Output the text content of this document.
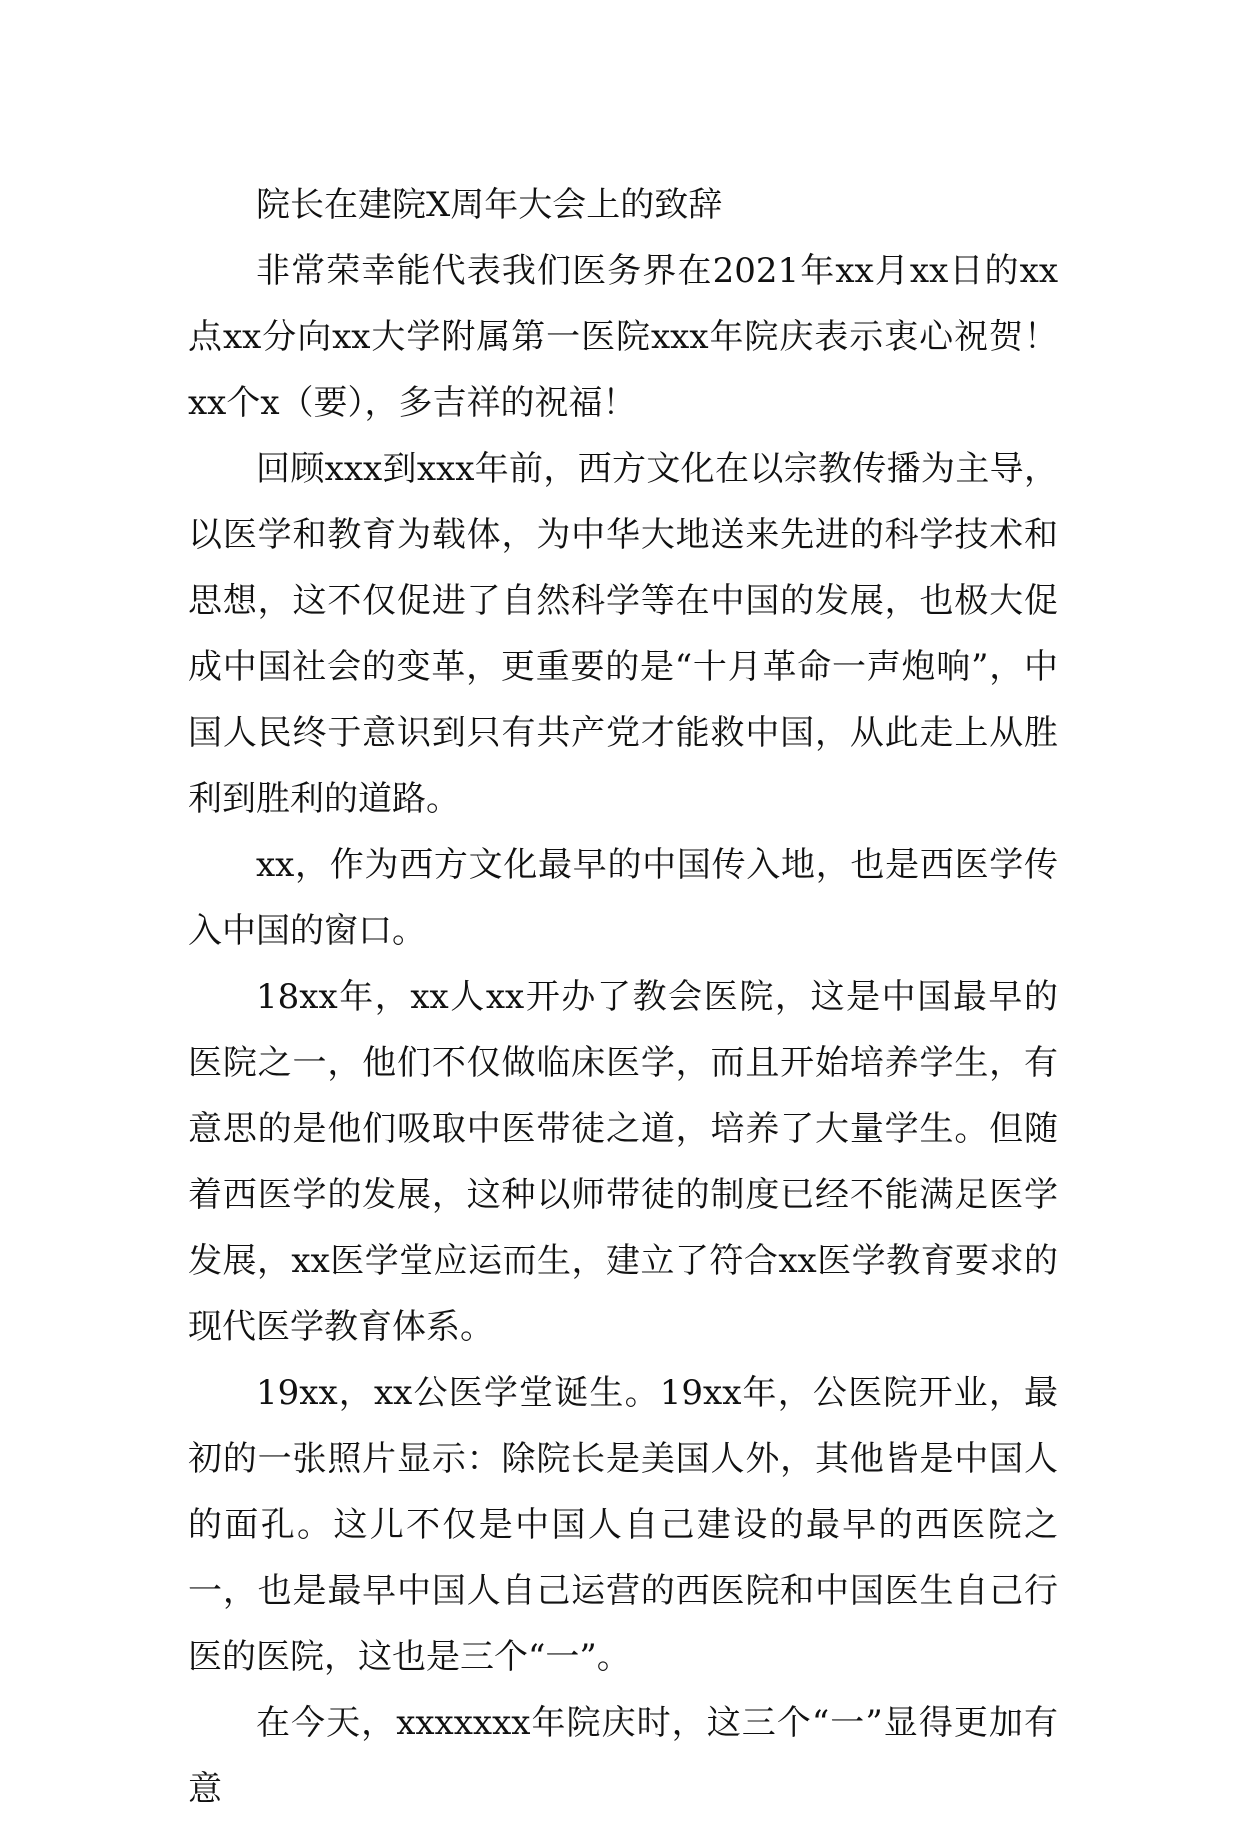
院长在建院X周年大会上的致辞

非常荣幸能代表我们医务界在2021年xx月xx日的xx点xx分向xx大学附属第一医院xxx年院庆表示衷心祝贺！xx个x（要），多吉祥的祝福！

回顾xxx到xxx年前，西方文化在以宗教传播为主导，以医学和教育为载体，为中华大地送来先进的科学技术和思想，这不仅促进了自然科学等在中国的发展，也极大促成中国社会的变革，更重要的是“十月革命一声炮响”，中国人民终于意识到只有共产党才能救中国，从此走上从胜利到胜利的道路。

xx，作为西方文化最早的中国传入地，也是西医学传入中国的窗口。

18xx年，xx人xx开办了教会医院，这是中国最早的医院之一，他们不仅做临床医学，而且开始培养学生，有意思的是他们吸取中医带徒之道，培养了大量学生。但随着西医学的发展，这种以师带徒的制度已经不能满足医学发展，xx医学堂应运而生，建立了符合xx医学教育要求的现代医学教育体系。

19xx，xx公医学堂诞生。19xx年，公医院开业，最初的一张照片显示：除院长是美国人外，其他皆是中国人的面孔。这儿不仅是中国人自己建设的最早的西医院之一，也是最早中国人自己运营的西医院和中国医生自己行医的医院，这也是三个“一”。

在今天，xxxxxxx年院庆时，这三个“一”显得更加有意
